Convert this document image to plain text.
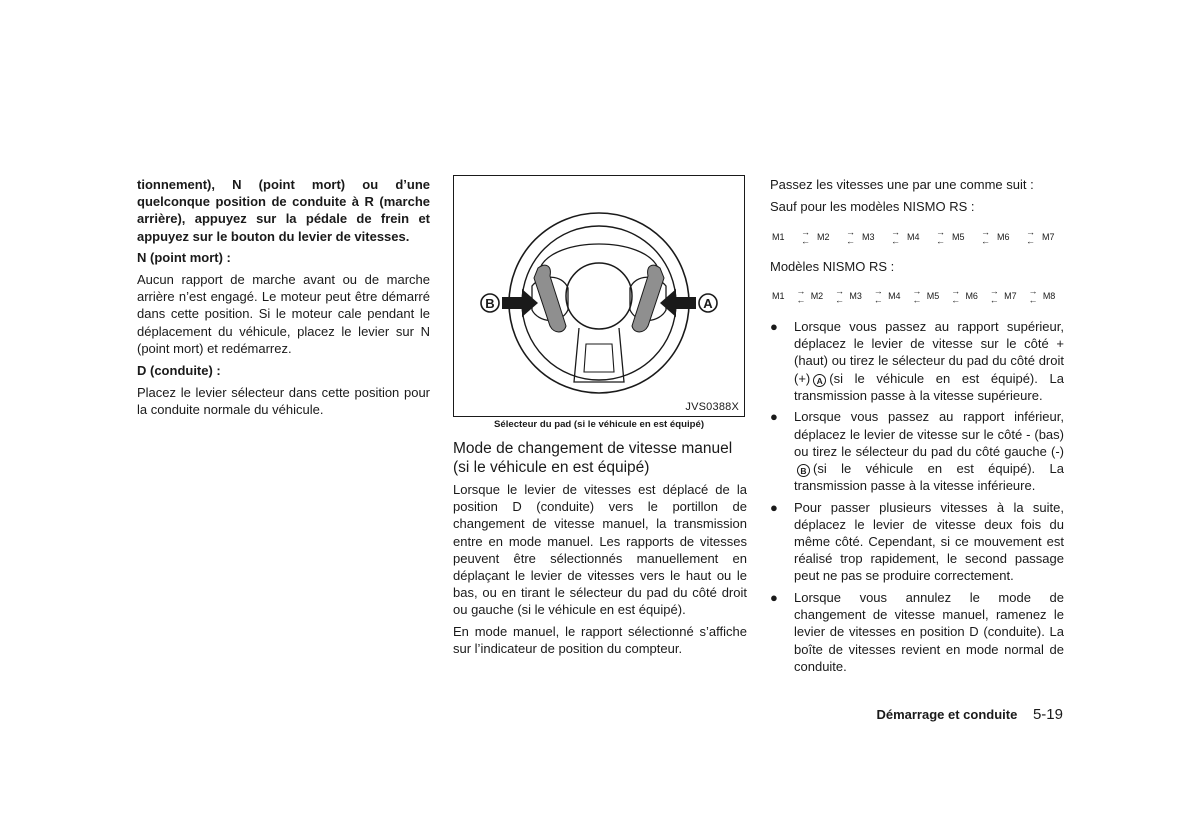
tionnement), N (point mort) ou d’une quelconque position de conduite à R (marche arrière), appuyez sur la pédale de frein et appuyez sur le bouton du levier de vitesses.

N (point mort) :

Aucun rapport de marche avant ou de marche arrière n’est engagé. Le moteur peut être démarré dans cette position. Si le moteur cale pendant le déplacement du véhicule, placez le levier sur N (point mort) et redémarrez.

D (conduite) :

Placez le levier sélecteur dans cette position pour la conduite normale du véhicule.

B	A
JVS0388X
Sélecteur du pad (si le véhicule en est équipé)
Mode de changement de vitesse manuel (si le véhicule en est équipé)

Lorsque le levier de vitesses est déplacé de la position D (conduite) vers le portillon de changement de vitesse manuel, la transmission entre en mode manuel. Les rapports de vitesses peuvent être sélectionnés manuellement en déplaçant le levier de vitesses vers le haut ou le bas, ou en tirant le sélecteur du pad du côté droit ou gauche (si le véhicule en est équipé).

En mode manuel, le rapport sélectionné s’affiche sur l’indicateur de position du compteur.

Passez les vitesses une par une comme suit :

Sauf pour les modèles NISMO RS :

M1	→
← M2	→
← M3	→
← M4	→
← M5	→
← M6	→
← M7

Modèles NISMO RS :

M1	→
← M2	→
← M3	→
← M4	→
← M5	→
← M6	→
← M7	→
← M8
● Lorsque vous passez au rapport supérieur, déplacez le levier de vitesse sur le côté + (haut) ou tirez le sélecteur du pad du côté droit (+) A (si le véhicule en est équipé). La transmission passe à la vitesse supérieure.
● Lorsque vous passez au rapport inférieur, déplacez le levier de vitesse sur le côté - (bas) ou tirez le sélecteur du pad du côté gauche (-)B (si le véhicule en est équipé). La transmission passe à la vitesse inférieure.
● Pour passer plusieurs vitesses à la suite, déplacez le levier de vitesse deux fois du même côté. Cependant, si ce mouvement est réalisé trop rapidement, le second passage peut ne pas se produire correctement.
● Lorsque vous annulez le mode de changement de vitesse manuel, ramenez le levier de vitesses en position D (conduite). La boîte de vitesses revient en mode normal de conduite.
Démarrage et conduite 5-19
